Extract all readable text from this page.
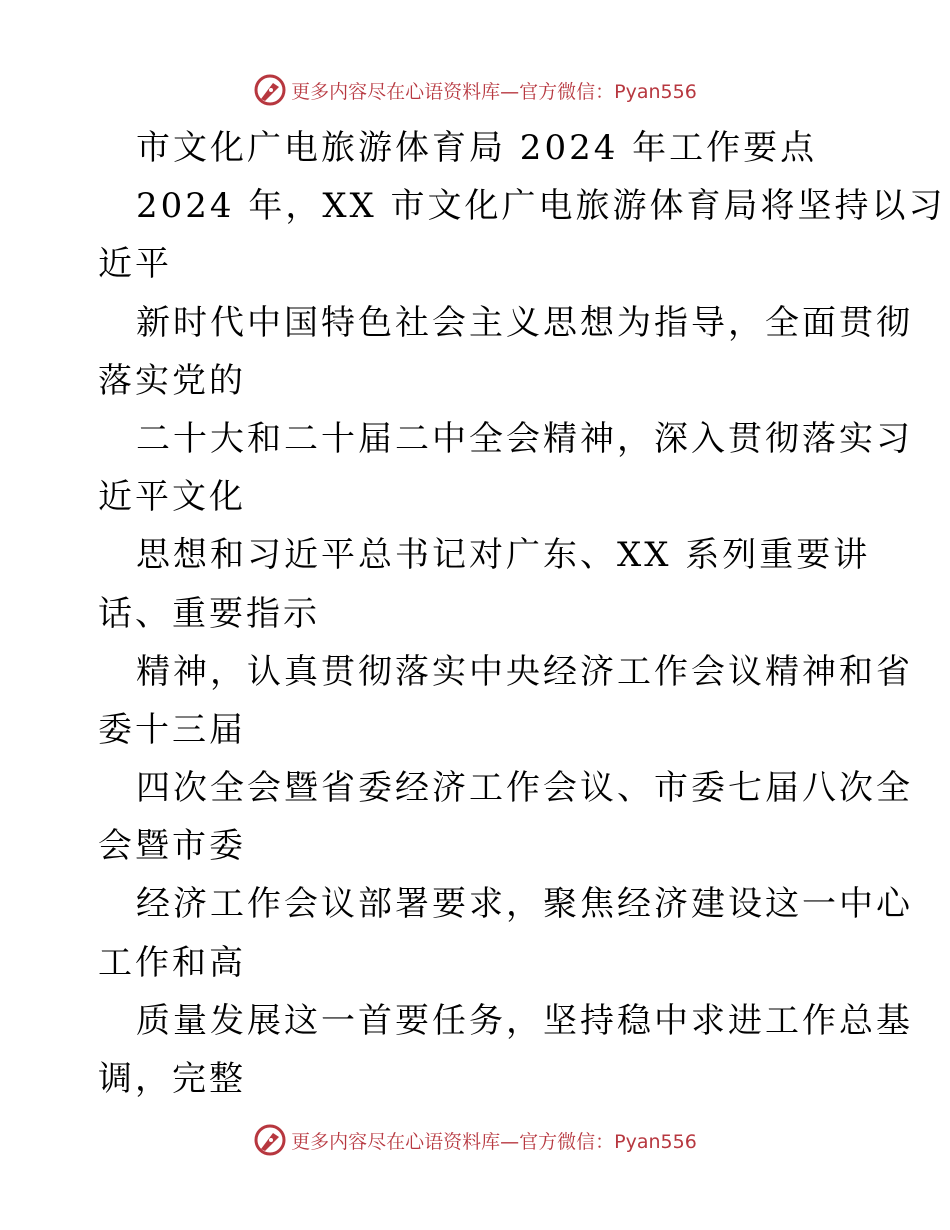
更多内容尽在心语资料库—官方微信：Pyan556
市文化广电旅游体育局 2024 年工作要点
2024 年，XX 市文化广电旅游体育局将坚持以习
近平
新时代中国特色社会主义思想为指导，全面贯彻
落实党的
二十大和二十届二中全会精神，深入贯彻落实习
近平文化
思想和习近平总书记对广东、XX 系列重要讲
话、重要指示
精神，认真贯彻落实中央经济工作会议精神和省
委十三届
四次全会暨省委经济工作会议、市委七届八次全
会暨市委
经济工作会议部署要求，聚焦经济建设这一中心
工作和高
质量发展这一首要任务，坚持稳中求进工作总基
调，完整
更多内容尽在心语资料库—官方微信：Pyan556
